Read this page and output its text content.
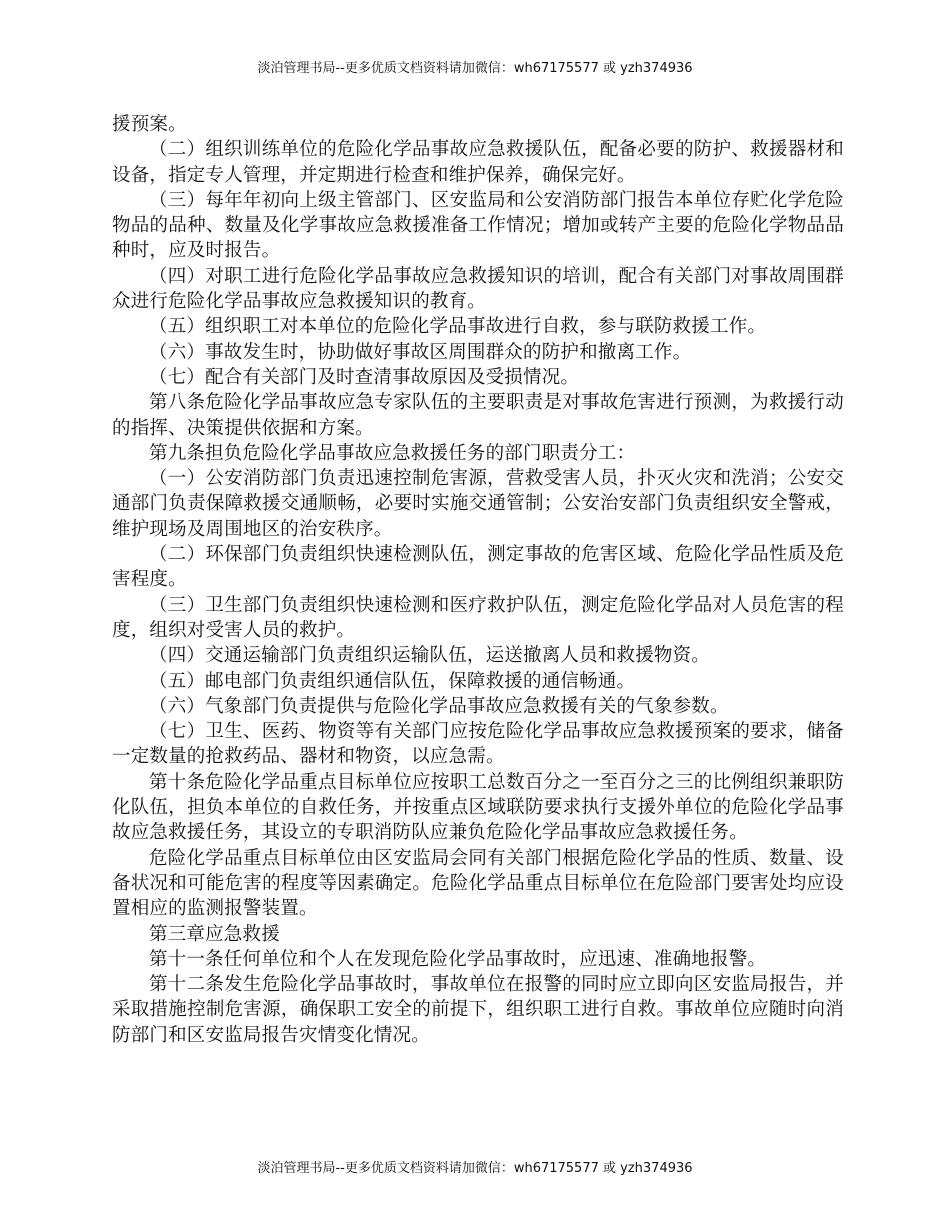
淡泊管理书局--更多优质文档资料请加微信：wh67175577 或 yzh374936

援预案。

（二）组织训练单位的危险化学品事故应急救援队伍，配备必要的防护、救援器材和设备，指定专人管理，并定期进行检查和维护保养，确保完好。

（三）每年年初向上级主管部门、区安监局和公安消防部门报告本单位存贮化学危险物品的品种、数量及化学事故应急救援准备工作情况；增加或转产主要的危险化学物品品种时，应及时报告。

（四）对职工进行危险化学品事故应急救援知识的培训，配合有关部门对事故周围群众进行危险化学品事故应急救援知识的教育。

（五）组织职工对本单位的危险化学品事故进行自救，参与联防救援工作。

（六）事故发生时，协助做好事故区周围群众的防护和撤离工作。

（七）配合有关部门及时查清事故原因及受损情况。

第八条危险化学品事故应急专家队伍的主要职责是对事故危害进行预测，为救援行动的指挥、决策提供依据和方案。

第九条担负危险化学品事故应急救援任务的部门职责分工：

（一）公安消防部门负责迅速控制危害源，营救受害人员，扑灭火灾和洗消；公安交通部门负责保障救援交通顺畅，必要时实施交通管制；公安治安部门负责组织安全警戒，维护现场及周围地区的治安秩序。

（二）环保部门负责组织快速检测队伍，测定事故的危害区域、危险化学品性质及危害程度。

（三）卫生部门负责组织快速检测和医疗救护队伍，测定危险化学品对人员危害的程度，组织对受害人员的救护。

（四）交通运输部门负责组织运输队伍，运送撤离人员和救援物资。

（五）邮电部门负责组织通信队伍，保障救援的通信畅通。

（六）气象部门负责提供与危险化学品事故应急救援有关的气象参数。

（七）卫生、医药、物资等有关部门应按危险化学品事故应急救援预案的要求，储备一定数量的抢救药品、器材和物资，以应急需。

第十条危险化学品重点目标单位应按职工总数百分之一至百分之三的比例组织兼职防化队伍，担负本单位的自救任务，并按重点区域联防要求执行支援外单位的危险化学品事故应急救援任务，其设立的专职消防队应兼负危险化学品事故应急救援任务。

危险化学品重点目标单位由区安监局会同有关部门根据危险化学品的性质、数量、设备状况和可能危害的程度等因素确定。危险化学品重点目标单位在危险部门要害处均应设置相应的监测报警装置。

第三章应急救援

第十一条任何单位和个人在发现危险化学品事故时，应迅速、准确地报警。

第十二条发生危险化学品事故时，事故单位在报警的同时应立即向区安监局报告，并采取措施控制危害源，确保职工安全的前提下，组织职工进行自救。事故单位应随时向消防部门和区安监局报告灾情变化情况。

淡泊管理书局--更多优质文档资料请加微信：wh67175577 或 yzh374936
